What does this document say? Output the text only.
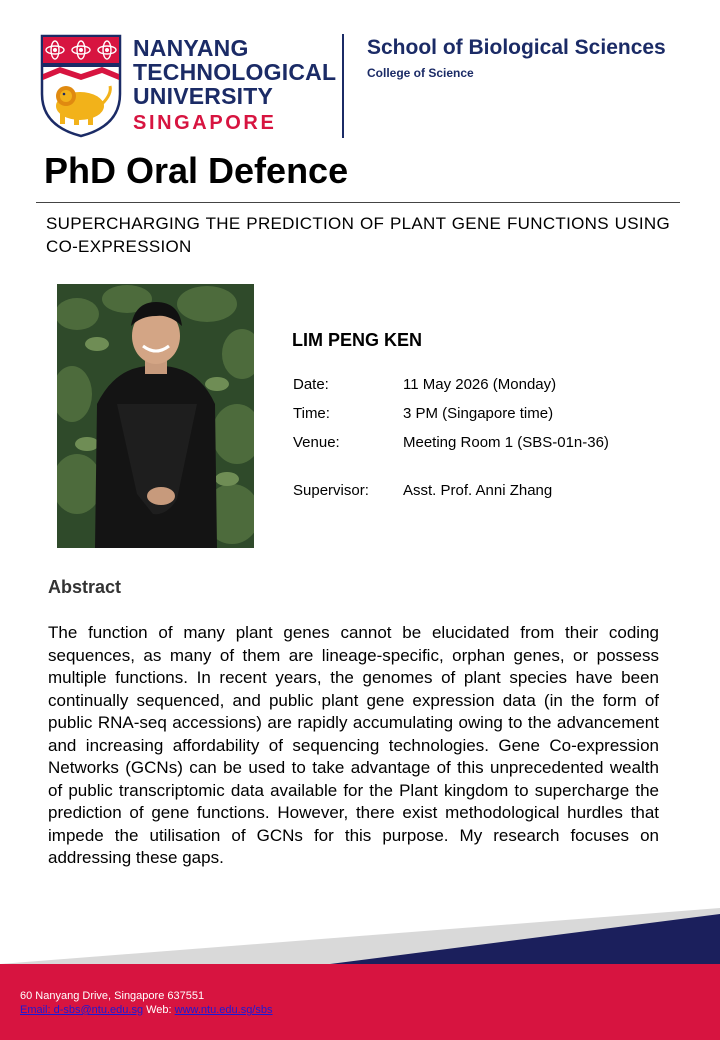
NANYANG
TECHNOLOGICAL
UNIVERSITY
SINGAPORE
School of Biological Sciences
College of Science
PhD Oral Defence
SUPERCHARGING THE PREDICTION OF PLANT GENE FUNCTIONS USING CO-EXPRESSION
LIM PENG KEN
Date:	11 May 2026 (Monday)
Time:	3 PM (Singapore time)
Venue:	Meeting Room 1 (SBS-01n-36)
Supervisor: Asst. Prof. Anni Zhang
Abstract

The function of many plant genes cannot be elucidated from their coding sequences, as many of them are lineage-specific, orphan genes, or possess multiple functions. In recent years, the genomes of plant species have been continually sequenced, and public plant gene expression data (in the form of public RNA-seq accessions) are rapidly accumulating owing to the advancement and increasing affordability of sequencing technologies. Gene Co-expression Networks (GCNs) can be used to take advantage of this unprecedented wealth of public transcriptomic data available for the Plant kingdom to supercharge the prediction of gene functions. However, there exist methodological hurdles that impede the utilisation of GCNs for this purpose. My research focuses on addressing these gaps.

60 Nanyang Drive, Singapore 637551
Email: d-sbs@ntu.edu.sg Web: www.ntu.edu.sg/sbs
